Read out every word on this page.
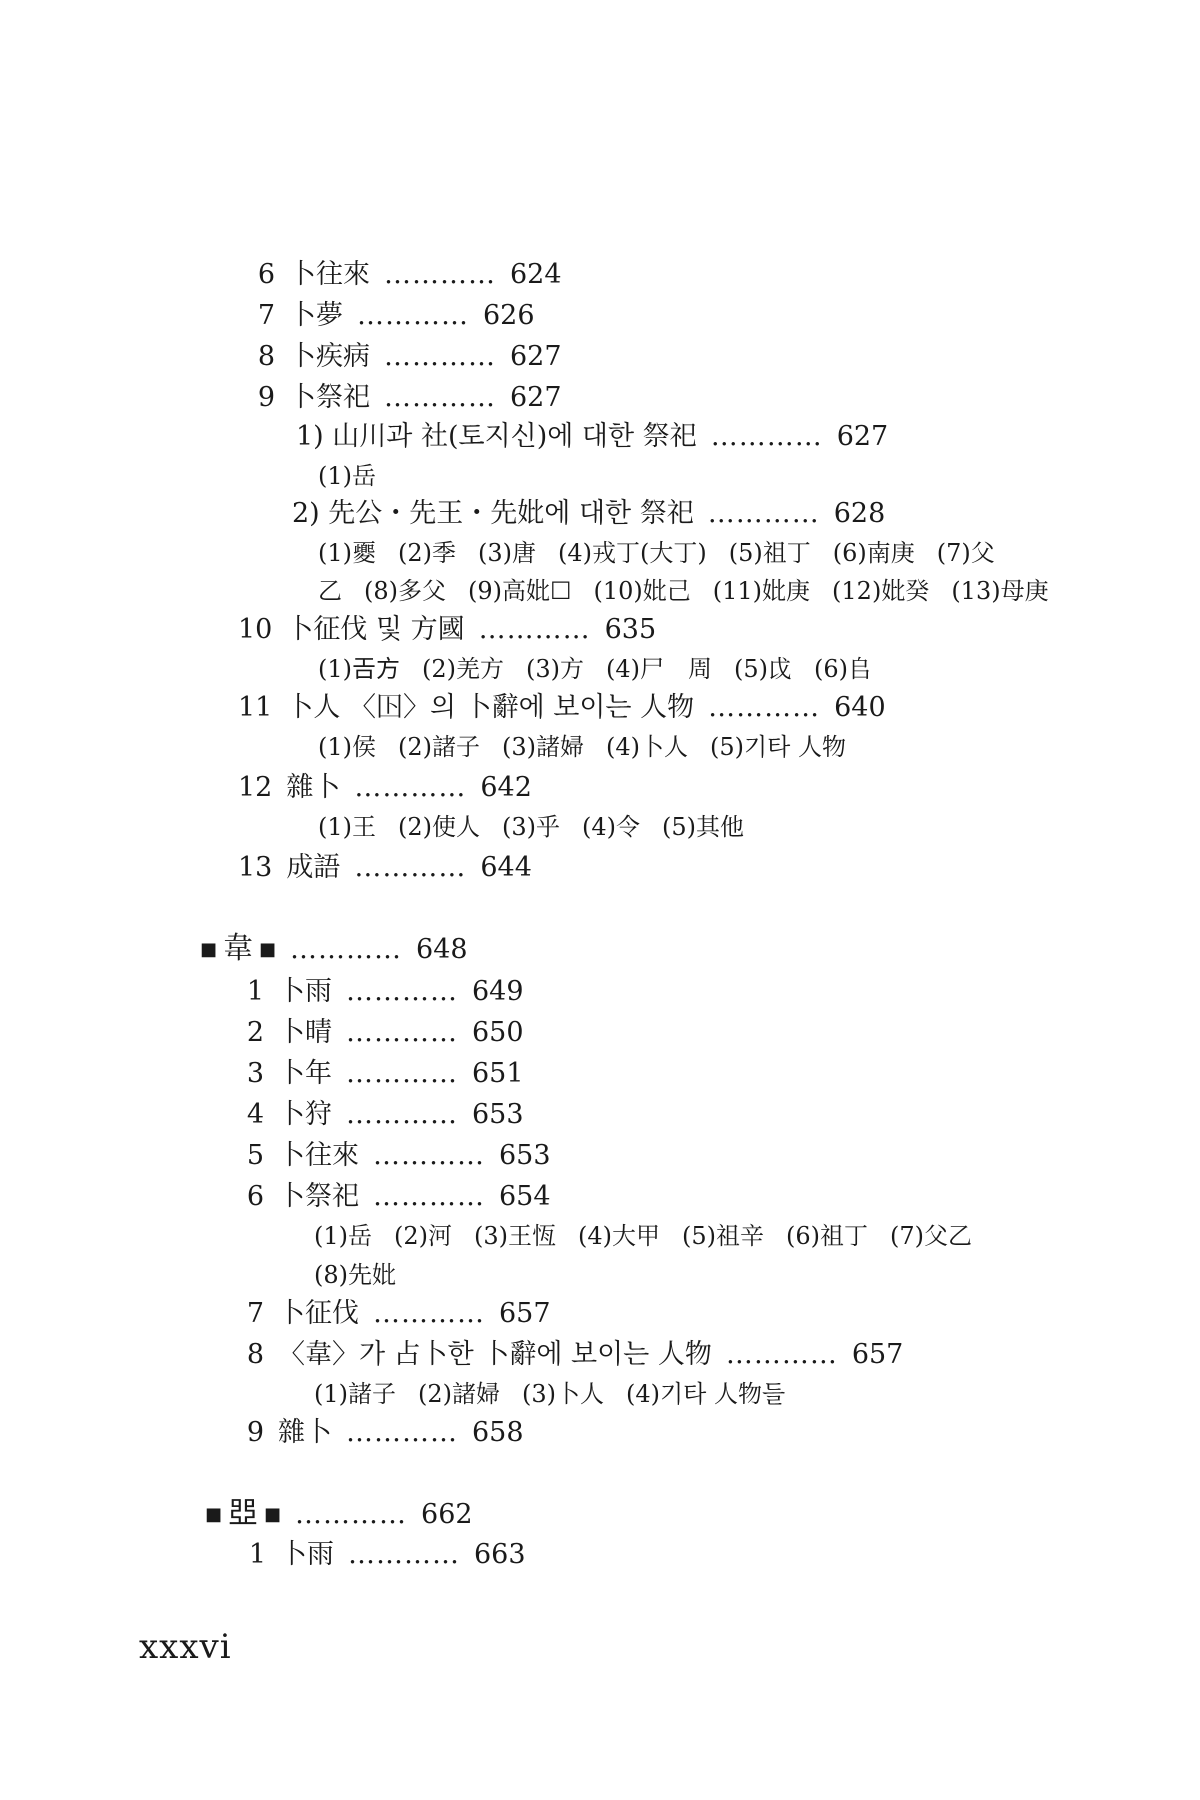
6 卜往來 ………… 624
7 卜夢 ………… 626
8 卜疾病 ………… 627
9 卜祭祀 ………… 627
1) 山川과 社(토지신)에 대한 祭祀 ………… 627
(1)岳
2) 先公・先王・先妣에 대한 祭祀 ………… 628
(1)夒 (2)季 (3)唐 (4)戎丁(大丁) (5)祖丁 (6)南庚 (7)父
乙 (8)多父 (9)高妣☐ (10)妣己 (11)妣庚 (12)妣癸 (13)母庚
10 卜征伐 및 方國 ………… 635
(1)𢀛方 (2)羌方 (3)方 (4)尸　周 (5)戉 (6)𠂤
11 卜人 〈𡆥〉의 卜辭에 보이는 人物 ………… 640
(1)侯 (2)諸子 (3)諸婦 (4)卜人 (5)기타 人物
12 雜卜 ………… 642
(1)王 (2)使人 (3)乎 (4)令 (5)其他
13 成語 ………… 644
■ 韋 ■ ………… 648
1 卜雨 ………… 649
2 卜晴 ………… 650
3 卜年 ………… 651
4 卜狩 ………… 653
5 卜往來 ………… 653
6 卜祭祀 ………… 654
(1)岳 (2)河 (3)王恆 (4)大甲 (5)祖辛 (6)祖丁 (7)父乙
(8)先妣
7 卜征伐 ………… 657
8 〈韋〉가 占卜한 卜辭에 보이는 人物 ………… 657
(1)諸子 (2)諸婦 (3)卜人 (4)기타 人物들
9 雜卜 ………… 658
■ 𠁁 ■ ………… 662
1 卜雨 ………… 663
xxxvi
